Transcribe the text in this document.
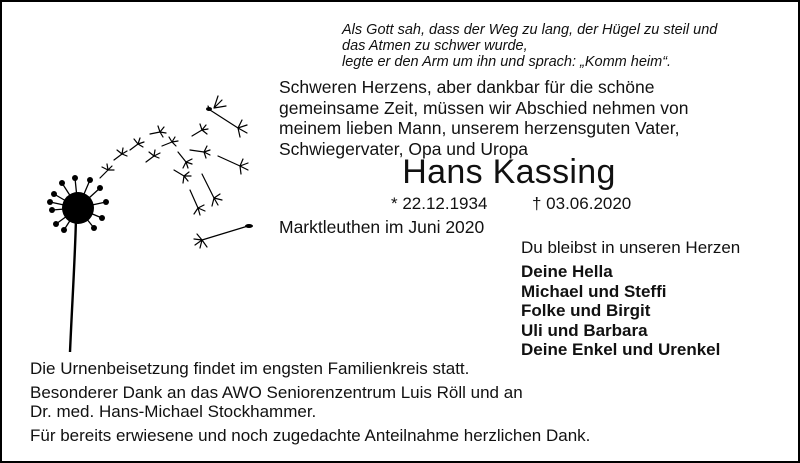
Als Gott sah, dass der Weg zu lang, der Hügel zu steil und
das Atmen zu schwer wurde,
legte er den Arm um ihn und sprach: „Komm heim“.
Schweren Herzens, aber dankbar für die schöne
gemeinsame Zeit, müssen wir Abschied nehmen von
meinem lieben Mann, unserem herzensguten Vater,
Schwiegervater, Opa und Uropa
Hans Kassing
* 22.12.1934	† 03.06.2020
Marktleuthen im Juni 2020
Du bleibst in unseren Herzen
Deine Hella
Michael und Steffi
Folke und Birgit
Uli und Barbara
Deine Enkel und Urenkel
Die Urnenbeisetzung findet im engsten Familienkreis statt.
Besonderer Dank an das AWO Seniorenzentrum Luis Röll und an
Dr. med. Hans-Michael Stockhammer.
Für bereits erwiesene und noch zugedachte Anteilnahme herzlichen Dank.
